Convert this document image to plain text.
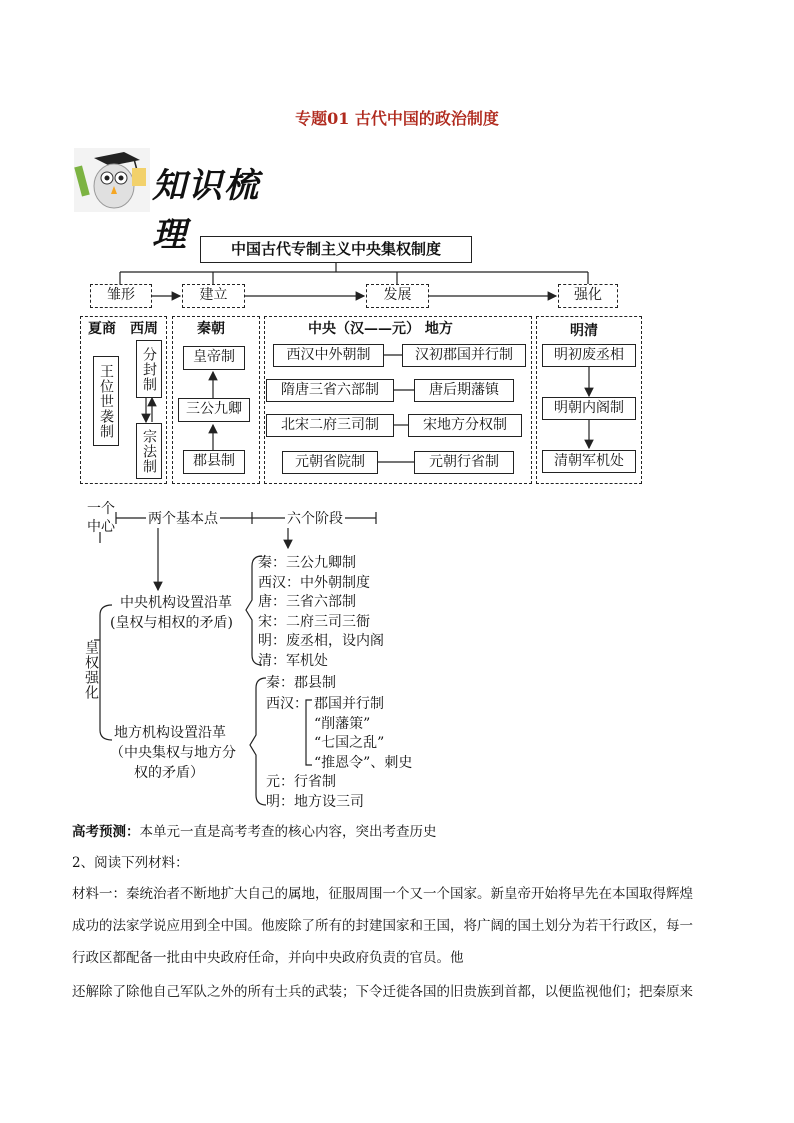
专题01 古代中国的政治制度
知识梳理	中国古代专制主义中央集权制度
雏形	建立	发展	强化
夏商 西周
王位世袭制	分封制
宗法制
秦朝
皇帝制
三公九卿
郡县制
中央（汉——元） 地方
西汉中外朝制	汉初郡国并行制
隋唐三省六部制	唐后期藩镇
北宋二府三司制	宋地方分权制
元朝省院制	元朝行省制
明清
明初废丞相
明朝内阁制
清朝军机处
一个中心 两个基本点	六个阶段
皇权强化
中央机构设置沿革
(皇权与相权的矛盾)
秦：三公九卿制
西汉：中外朝制度
唐：三省六部制
宋：二府三司三衙
明：废丞相，设内阁
清：军机处
地方机构设置沿革
（中央集权与地方分
权的矛盾）
秦：郡县制
西汉： 郡国并行制
“削藩策”
“七国之乱”
“推恩令”、刺史
元：行省制
明：地方设三司
高考预测：本单元一直是高考考查的核心内容，突出考查历史
2、阅读下列材料：
材料一：秦统治者不断地扩大自己的属地，征服周围一个又一个国家。新皇帝开始将早先在本国取得辉煌
成功的法家学说应用到全中国。他废除了所有的封建国家和王国，将广阔的国土划分为若干行政区，每一
行政区都配备一批由中央政府任命，并向中央政府负责的官员。他
还解除了除他自己军队之外的所有士兵的武装；下令迁徙各国的旧贵族到首都，以便监视他们；把秦原来
